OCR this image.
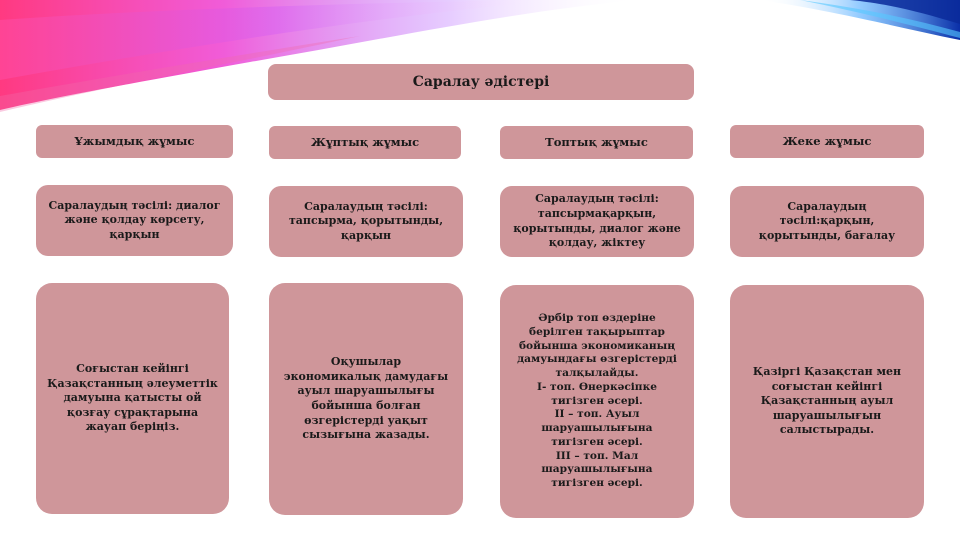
Саралау әдістері
Ұжымдық жұмыс	Жұптық жұмыс	Топтық жұмыс	Жеке жұмыс
Саралаудың тәсілі: диалог
және қолдау көрсету,
қарқын
Саралаудың тәсілі:
тапсырма, қорытынды,
қарқын
Саралаудың тәсілі:
тапсырмақарқын,
қорытынды, диалог және
қолдау, жіктеу
Саралаудың
тәсілі:қарқын,
қорытынды, бағалау
Соғыстан кейінгі
Қазақстанның әлеуметтік
дамуына қатысты ой
қозғау сұрақтарына
жауап беріңіз.
Оқушылар
экономикалық дамудағы
ауыл шаруашылығы
бойынша болған
өзгерістерді уақыт
сызығына жазады.
Әрбір топ өздеріне
берілген тақырыптар
бойынша экономиканың
дамуындағы өзгерістерді
талқылайды.
I- топ. Өнеркәсіпке
тигізген әсері.
II – топ. Ауыл
шаруашылығына
тигізген әсері.
III – топ. Мал
шаруашылығына
тигізген әсері.
Қазіргі Қазақстан мен
соғыстан кейінгі
Қазақстанның ауыл
шаруашылығын
салыстырады.
